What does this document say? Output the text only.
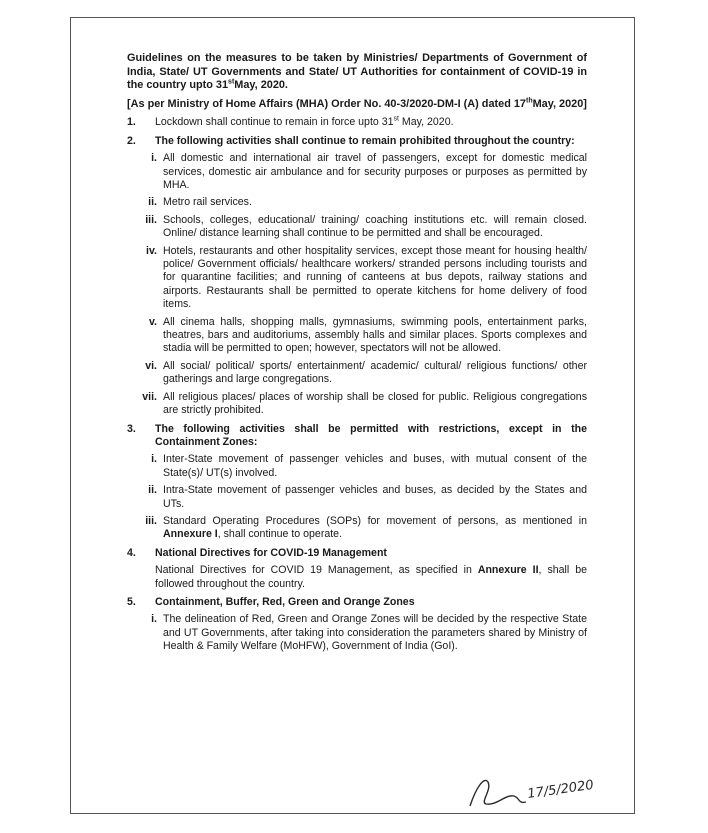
Guidelines on the measures to be taken by Ministries/ Departments of Government of India, State/ UT Governments and State/ UT Authorities for containment of COVID-19 in the country upto 31stMay, 2020.
[As per Ministry of Home Affairs (MHA) Order No. 40-3/2020-DM-I (A) dated 17thMay, 2020]
1.	Lockdown shall continue to remain in force upto 31st May, 2020.
2.	The following activities shall continue to remain prohibited throughout the country:
i. All domestic and international air travel of passengers, except for domestic medical services, domestic air ambulance and for security purposes or purposes as permitted by MHA.
ii. Metro rail services.
iii. Schools, colleges, educational/ training/ coaching institutions etc. will remain closed. Online/ distance learning shall continue to be permitted and shall be encouraged.
iv. Hotels, restaurants and other hospitality services, except those meant for housing health/ police/ Government officials/ healthcare workers/ stranded persons including tourists and for quarantine facilities; and running of canteens at bus depots, railway stations and airports. Restaurants shall be permitted to operate kitchens for home delivery of food items.
v. All cinema halls, shopping malls, gymnasiums, swimming pools, entertainment parks, theatres, bars and auditoriums, assembly halls and similar places. Sports complexes and stadia will be permitted to open; however, spectators will not be allowed.
vi. All social/ political/ sports/ entertainment/ academic/ cultural/ religious functions/ other gatherings and large congregations.
vii. All religious places/ places of worship shall be closed for public. Religious congregations are strictly prohibited.
3.	The following activities shall be permitted with restrictions, except in the Containment Zones:
i. Inter-State movement of passenger vehicles and buses, with mutual consent of the State(s)/ UT(s) involved.
ii. Intra-State movement of passenger vehicles and buses, as decided by the States and UTs.
iii. Standard Operating Procedures (SOPs) for movement of persons, as mentioned in Annexure I, shall continue to operate.
4.	National Directives for COVID-19 Management
National Directives for COVID 19 Management, as specified in Annexure II, shall be followed throughout the country.
5.	Containment, Buffer, Red, Green and Orange Zones
i. The delineation of Red, Green and Orange Zones will be decided by the respective State and UT Governments, after taking into consideration the parameters shared by Ministry of Health & Family Welfare (MoHFW), Government of India (GoI).
17/5/2020
